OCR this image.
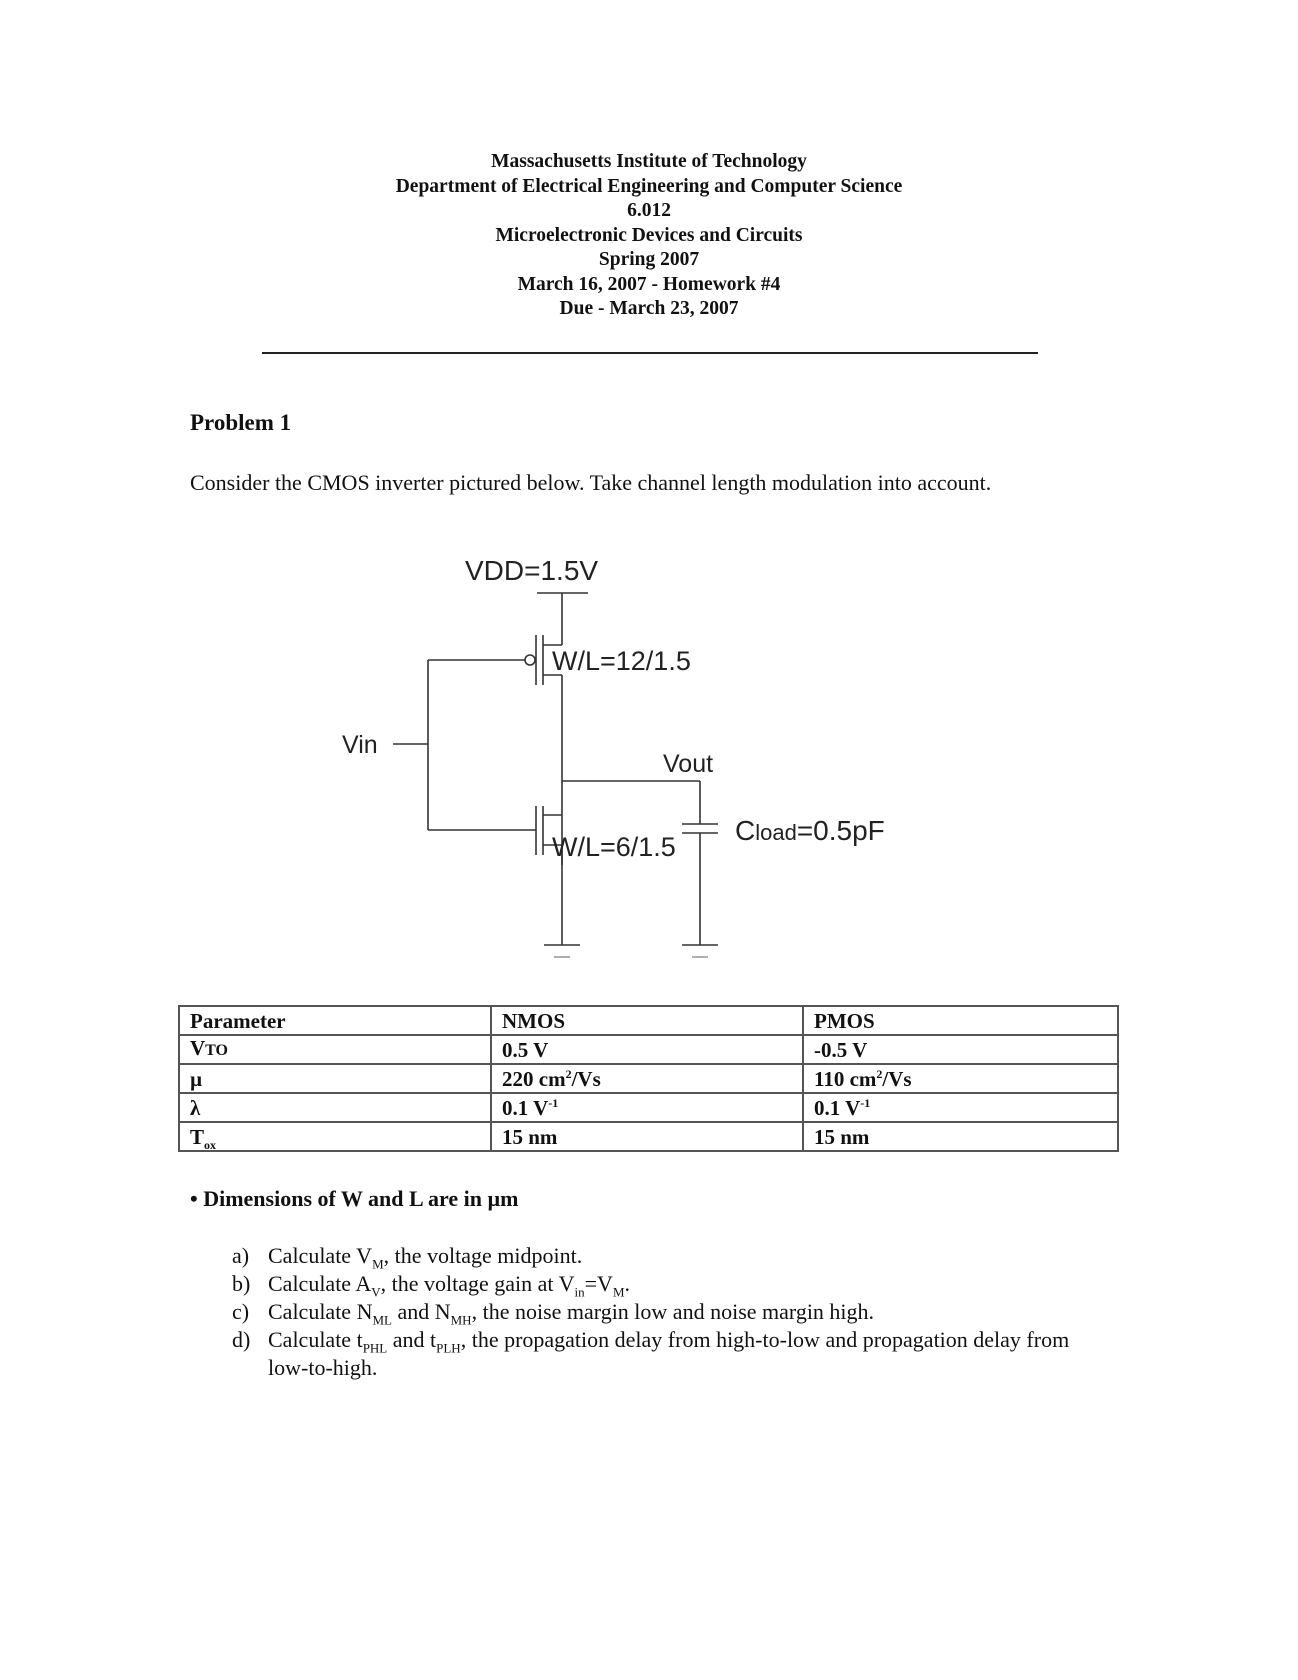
Massachusetts Institute of Technology
Department of Electrical Engineering and Computer Science
6.012
Microelectronic Devices and Circuits
Spring 2007
March 16, 2007 - Homework #4
Due - March 23, 2007
Problem 1
Consider the CMOS inverter pictured below. Take channel length modulation into account.
VDD=1.5V
W/L=12/1.5
Vin
Vout
Cload=0.5pF
W/L=6/1.5
Parameter	NMOS	PMOS
VTO	0.5 V	-0.5 V
µ	220 $cm^2/Vs$	110 $cm^2/Vs$
λ	0.1 $V^{-1}$	0.1 $V^{-1}$
$T_{ox}$	15 nm	15 nm
• Dimensions of W and L are in µm
a) Calculate $V_M$, the voltage midpoint.
b) Calculate $A_V$, the voltage gain at $V_{in}=V_M$.
c) Calculate $N_{ML}$ and $N_{MH}$, the noise margin low and noise margin high.
d) Calculate $t_{PHL}$ and $t_{PLH}$, the propagation delay from high-to-low and propagation delay from low-to-high.
